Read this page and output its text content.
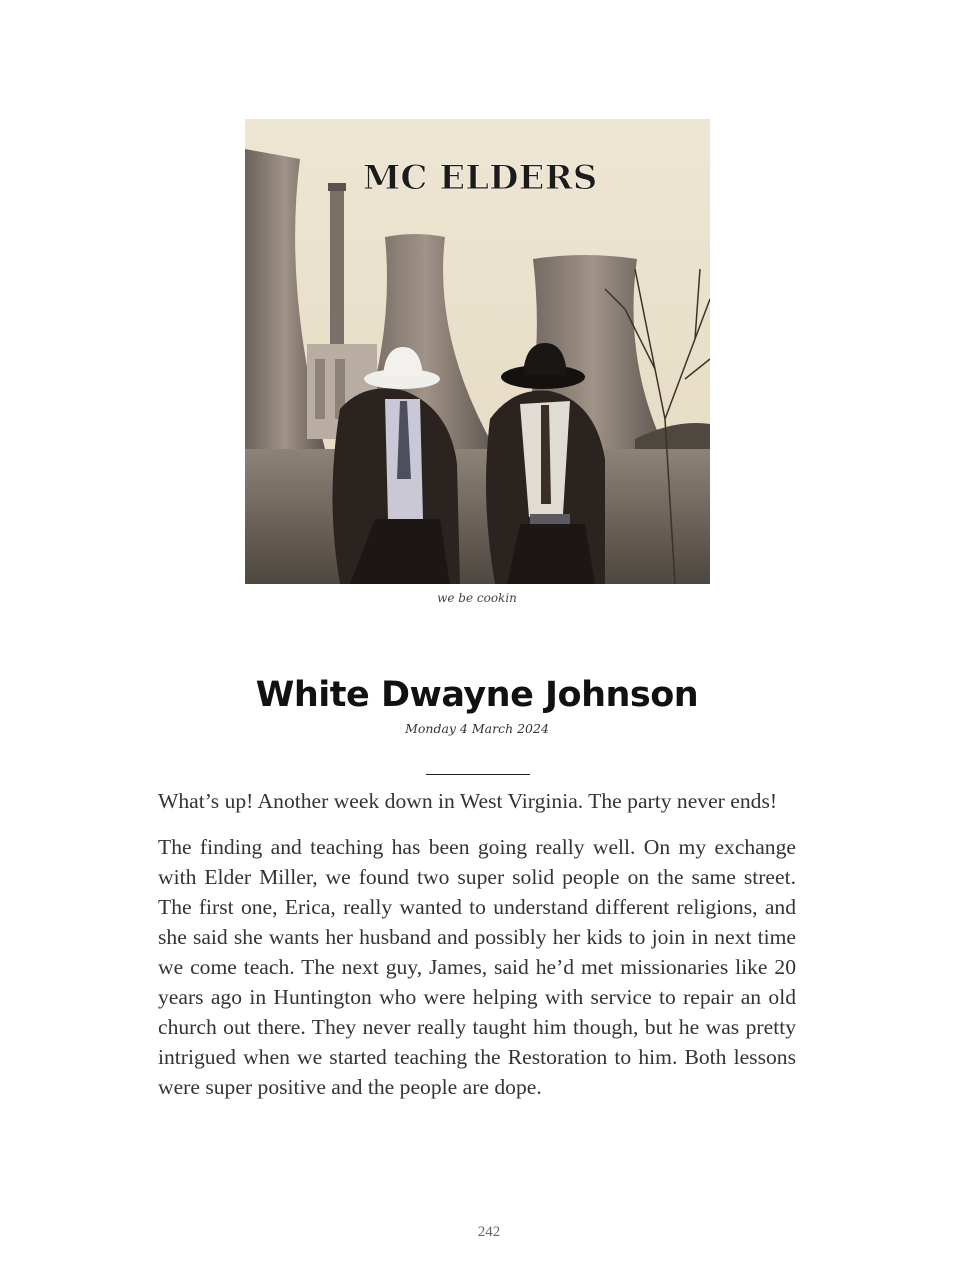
MC ELDERS
we be cookin
White Dwayne Johnson
Monday 4 March 2024

What’s up! Another week down in West Virginia. The party never ends!

The finding and teaching has been going really well. On my exchange with Elder Miller, we found two super solid people on the same street. The first one, Erica, really wanted to understand different religions, and she said she wants her husband and possibly her kids to join in next time we come teach. The next guy, James, said he’d met missionaries like 20 years ago in Huntington who were helping with service to repair an old church out there. They never really taught him though, but he was pretty intrigued when we started teaching the Restoration to him. Both lessons were super positive and the people are dope.

242
